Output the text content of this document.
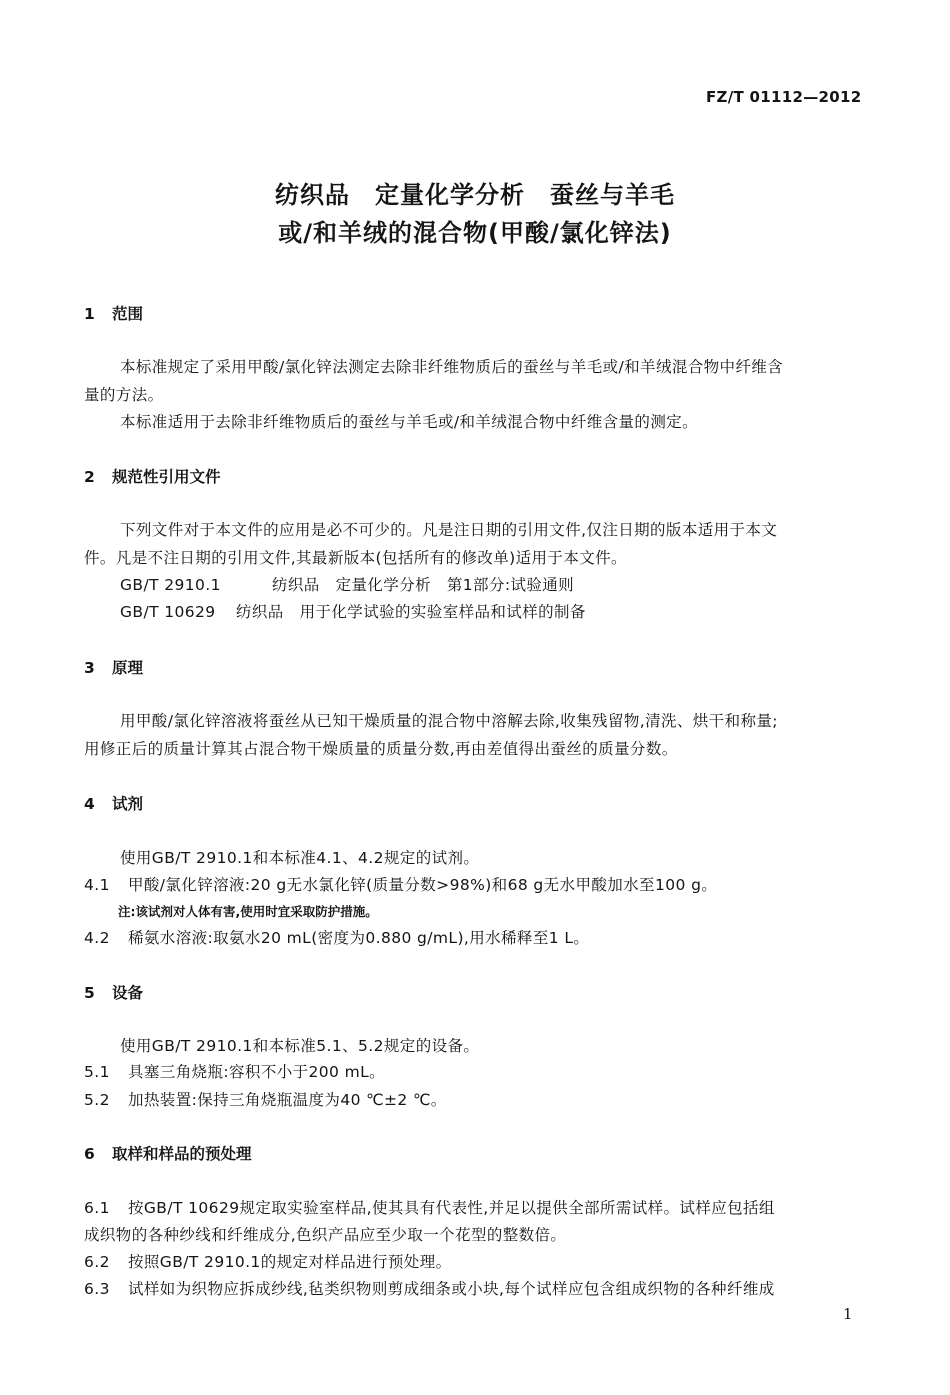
FZ/T 01112—2012
纺织品　定量化学分析　蚕丝与羊毛
或/和羊绒的混合物(甲酸/氯化锌法)
1 范围
本标准规定了采用甲酸/氯化锌法测定去除非纤维物质后的蚕丝与羊毛或/和羊绒混合物中纤维含
量的方法。
本标准适用于去除非纤维物质后的蚕丝与羊毛或/和羊绒混合物中纤维含量的测定。
2 规范性引用文件
下列文件对于本文件的应用是必不可少的。凡是注日期的引用文件,仅注日期的版本适用于本文
件。凡是不注日期的引用文件,其最新版本(包括所有的修改单)适用于本文件。
GB/T 2910.1	纺织品　定量化学分析　第1部分:试验通则
GB/T 10629 纺织品　用于化学试验的实验室样品和试样的制备
3 原理
用甲酸/氯化锌溶液将蚕丝从已知干燥质量的混合物中溶解去除,收集残留物,清洗、烘干和称量;
用修正后的质量计算其占混合物干燥质量的质量分数,再由差值得出蚕丝的质量分数。
4 试剂
使用GB/T 2910.1和本标准4.1、4.2规定的试剂。
4.1 甲酸/氯化锌溶液:20 g无水氯化锌(质量分数>98%)和68 g无水甲酸加水至100 g。
注:该试剂对人体有害,使用时宜采取防护措施。
4.2 稀氨水溶液:取氨水20 mL(密度为0.880 g/mL),用水稀释至1 L。
5 设备
使用GB/T 2910.1和本标准5.1、5.2规定的设备。
5.1 具塞三角烧瓶:容积不小于200 mL。
5.2 加热装置:保持三角烧瓶温度为40 ℃±2 ℃。
6 取样和样品的预处理
6.1 按GB/T 10629规定取实验室样品,使其具有代表性,并足以提供全部所需试样。试样应包括组
成织物的各种纱线和纤维成分,色织产品应至少取一个花型的整数倍。
6.2 按照GB/T 2910.1的规定对样品进行预处理。
6.3 试样如为织物应拆成纱线,毡类织物则剪成细条或小块,每个试样应包含组成织物的各种纤维成
1
